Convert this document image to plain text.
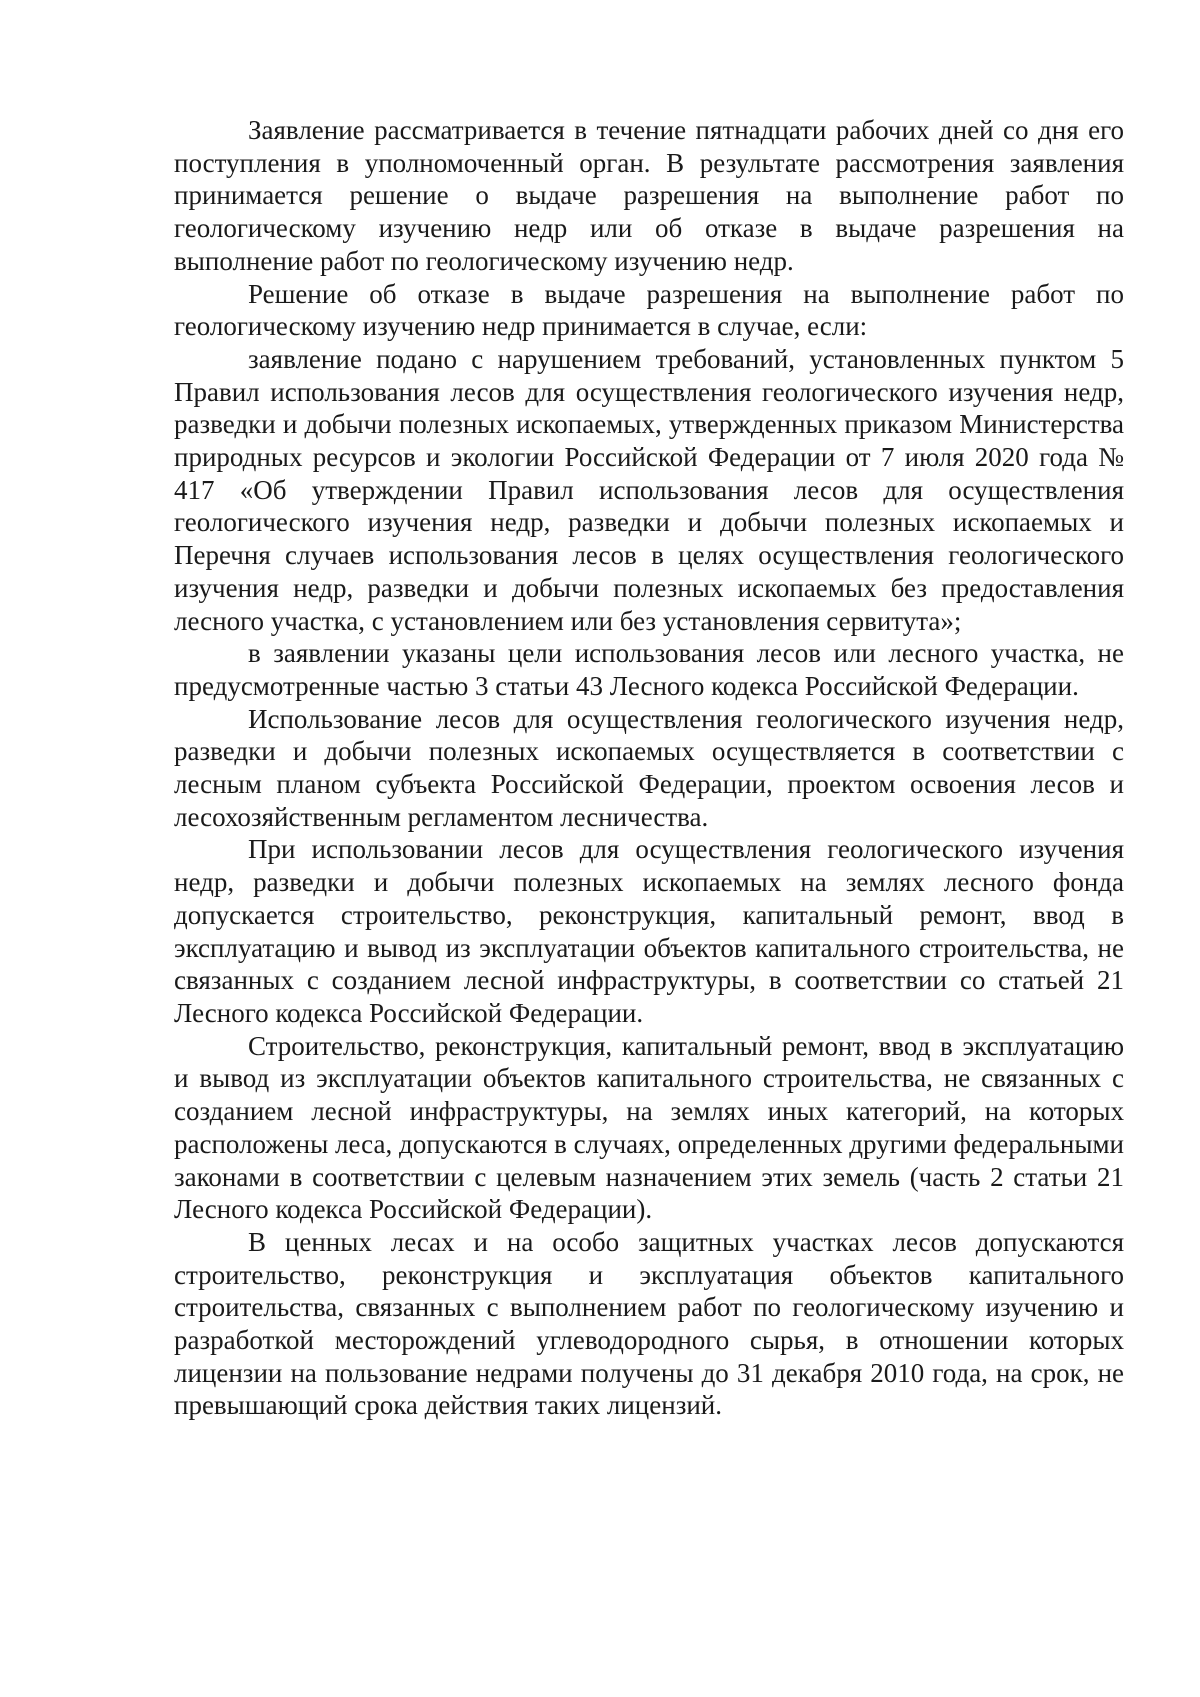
Заявление рассматривается в течение пятнадцати рабочих дней со дня его поступления в уполномоченный орган. В результате рассмотрения заявления принимается решение о выдаче разрешения на выполнение работ по геологическому изучению недр или об отказе в выдаче разрешения на выполнение работ по геологическому изучению недр.

Решение об отказе в выдаче разрешения на выполнение работ по геологическому изучению недр принимается в случае, если:

заявление подано с нарушением требований, установленных пунктом 5 Правил использования лесов для осуществления геологического изучения недр, разведки и добычи полезных ископаемых, утвержденных приказом Министерства природных ресурсов и экологии Российской Федерации от 7 июля 2020 года № 417 «Об утверждении Правил использования лесов для осуществления геологического изучения недр, разведки и добычи полезных ископаемых и Перечня случаев использования лесов в целях осуществления геологического изучения недр, разведки и добычи полезных ископаемых без предоставления лесного участка, с установлением или без установления сервитута»;

в заявлении указаны цели использования лесов или лесного участка, не предусмотренные частью 3 статьи 43 Лесного кодекса Российской Федерации.

Использование лесов для осуществления геологического изучения недр, разведки и добычи полезных ископаемых осуществляется в соответствии с лесным планом субъекта Российской Федерации, проектом освоения лесов и лесохозяйственным регламентом лесничества.

При использовании лесов для осуществления геологического изучения недр, разведки и добычи полезных ископаемых на землях лесного фонда допускается строительство, реконструкция, капитальный ремонт, ввод в эксплуатацию и вывод из эксплуатации объектов капитального строительства, не связанных с созданием лесной инфраструктуры, в соответствии со статьей 21 Лесного кодекса Российской Федерации.

Строительство, реконструкция, капитальный ремонт, ввод в эксплуатацию и вывод из эксплуатации объектов капитального строительства, не связанных с созданием лесной инфраструктуры, на землях иных категорий, на которых расположены леса, допускаются в случаях, определенных другими федеральными законами в соответствии с целевым назначением этих земель (часть 2 статьи 21 Лесного кодекса Российской Федерации).

В ценных лесах и на особо защитных участках лесов допускаются строительство, реконструкция и эксплуатация объектов капитального строительства, связанных с выполнением работ по геологическому изучению и разработкой месторождений углеводородного сырья, в отношении которых лицензии на пользование недрами получены до 31 декабря 2010 года, на срок, не превышающий срока действия таких лицензий.
